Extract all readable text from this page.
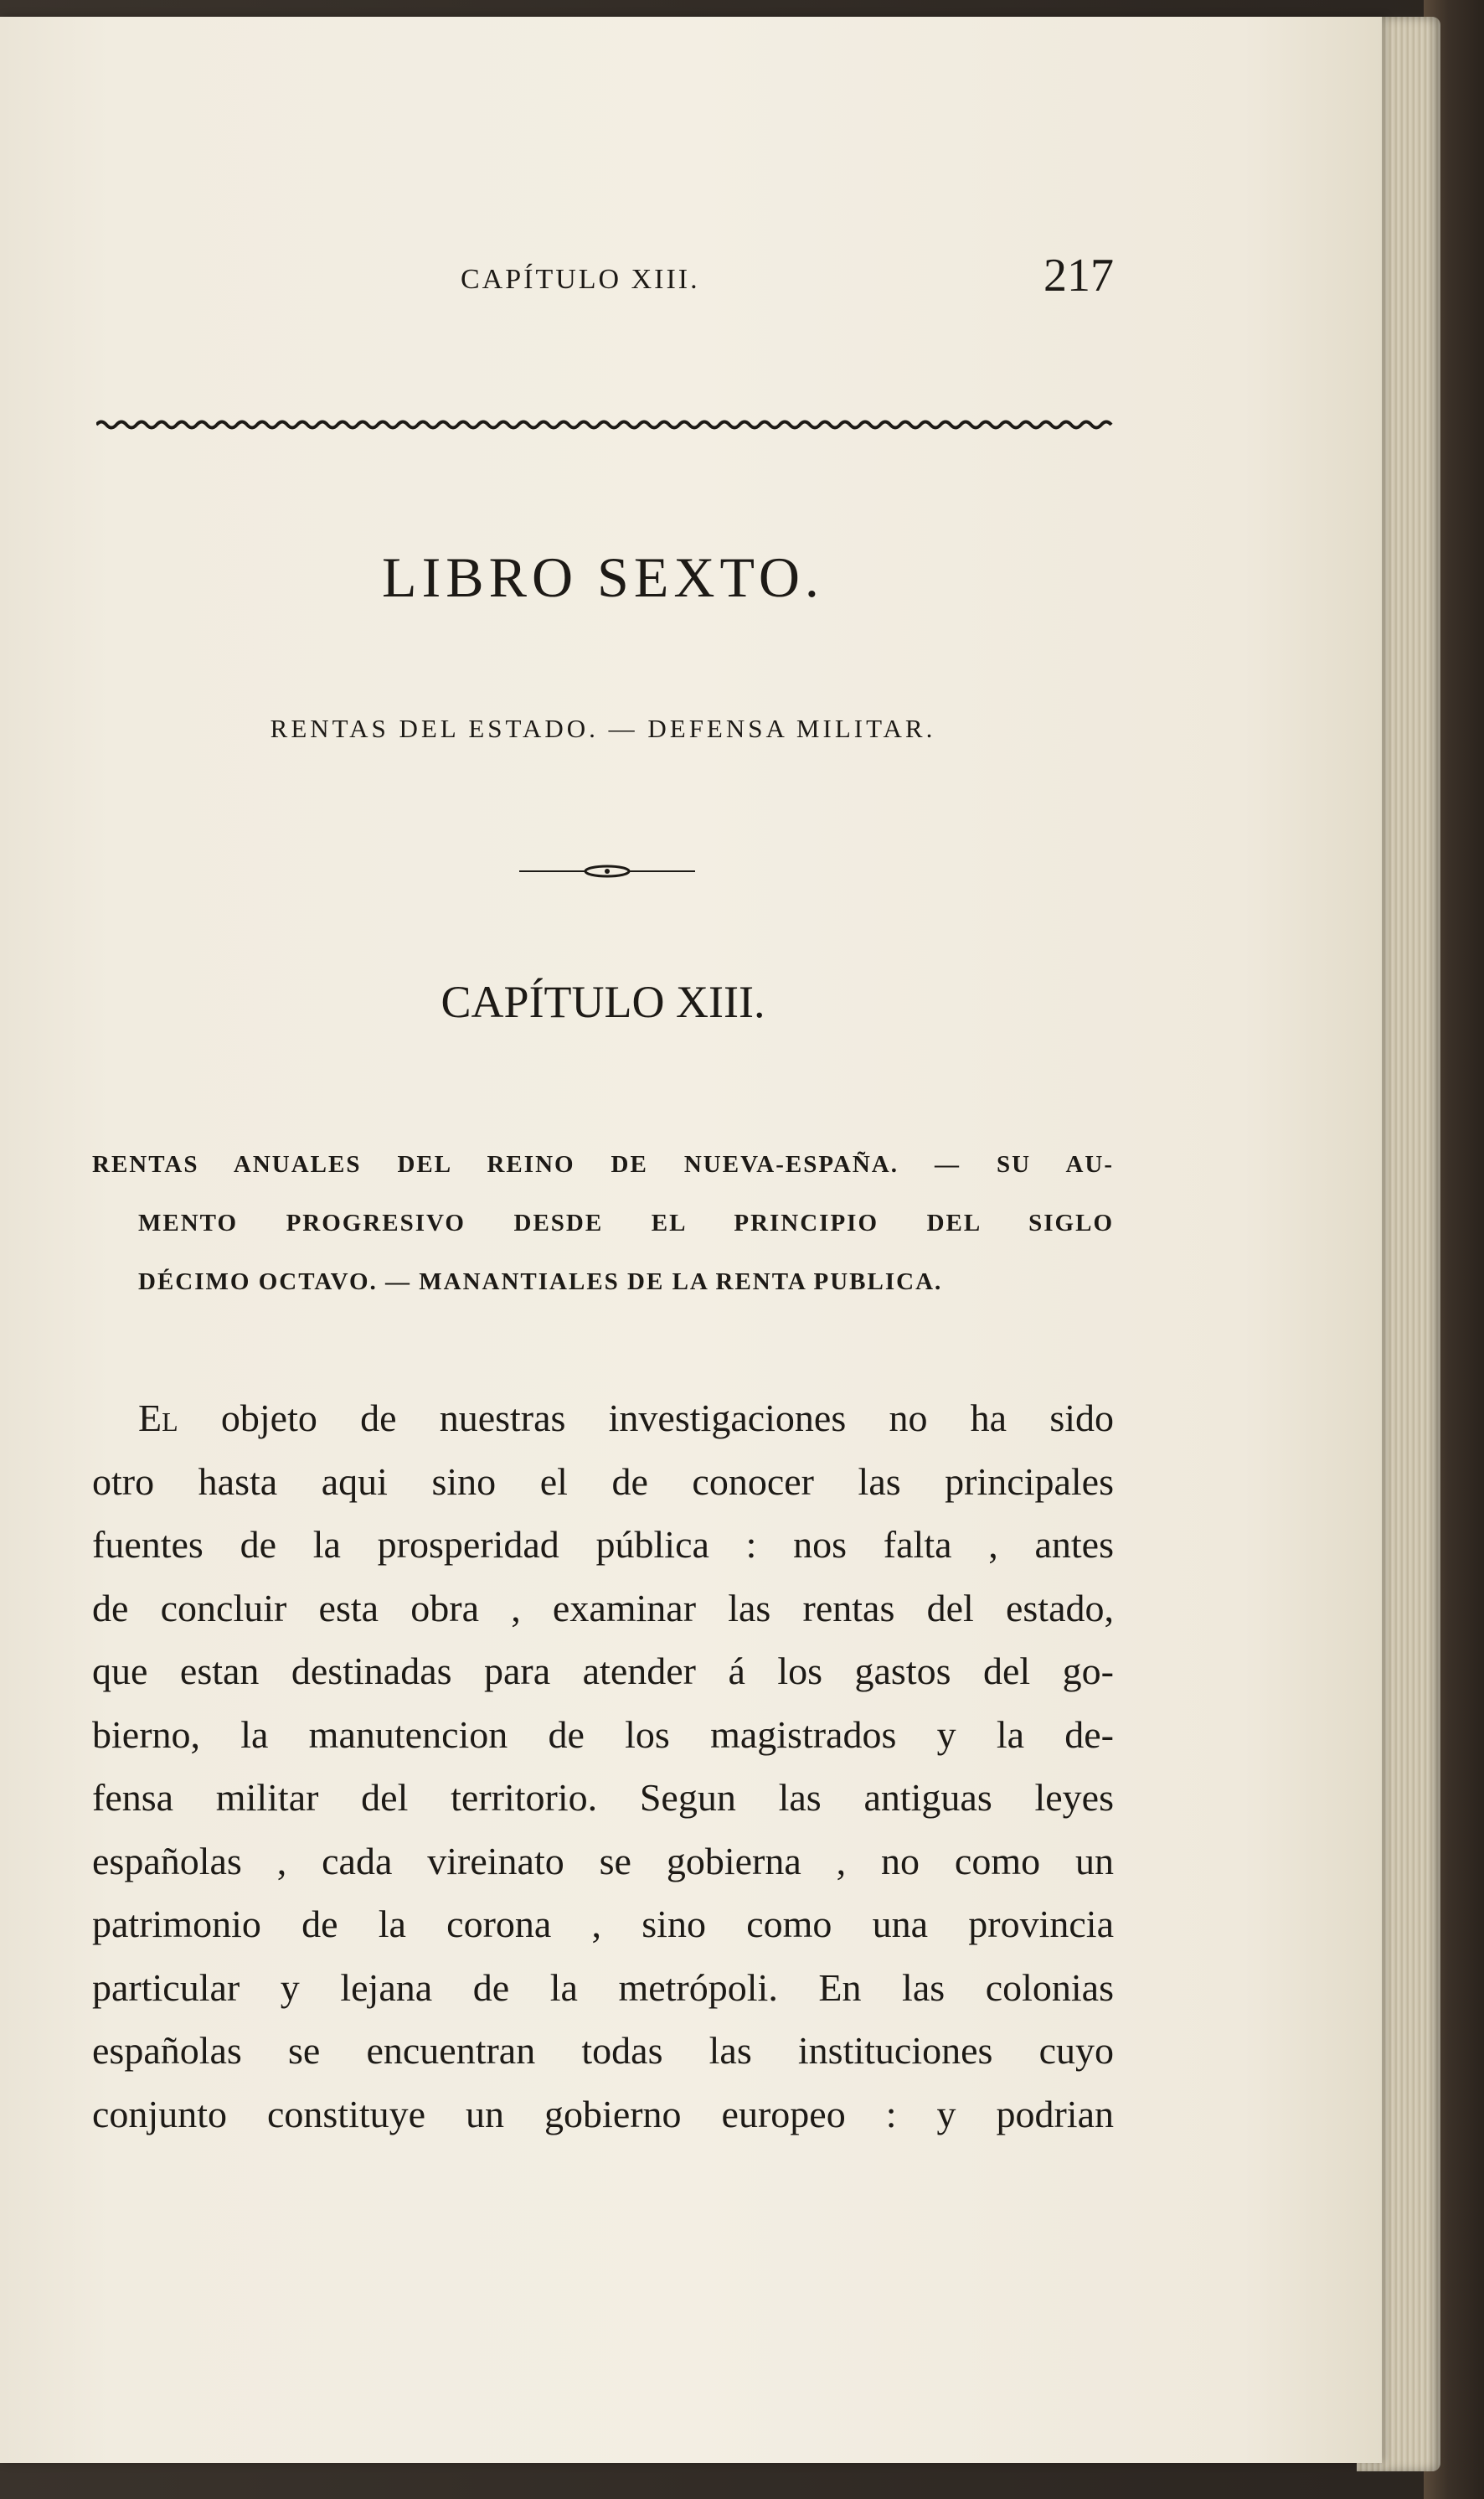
CAPÍTULO XIII.	217
LIBRO SEXTO.
RENTAS DEL ESTADO. — DEFENSA MILITAR.
CAPÍTULO XIII.
RENTAS ANUALES DEL REINO DE NUEVA-ESPAÑA. — SU AU-
MENTO PROGRESIVO DESDE EL PRINCIPIO DEL SIGLO
DÉCIMO OCTAVO. — MANANTIALES DE LA RENTA PUBLICA.
El objeto de nuestras investigaciones no ha sido
otro hasta aqui sino el de conocer las principales
fuentes de la prosperidad pública : nos falta , antes
de concluir esta obra , examinar las rentas del estado,
que estan destinadas para atender á los gastos del go-
bierno, la manutencion de los magistrados y la de-
fensa militar del territorio. Segun las antiguas leyes
españolas , cada vireinato se gobierna , no como un
patrimonio de la corona , sino como una provincia
particular y lejana de la metrópoli. En las colonias
españolas se encuentran todas las instituciones cuyo
conjunto constituye un gobierno europeo : y podrian
